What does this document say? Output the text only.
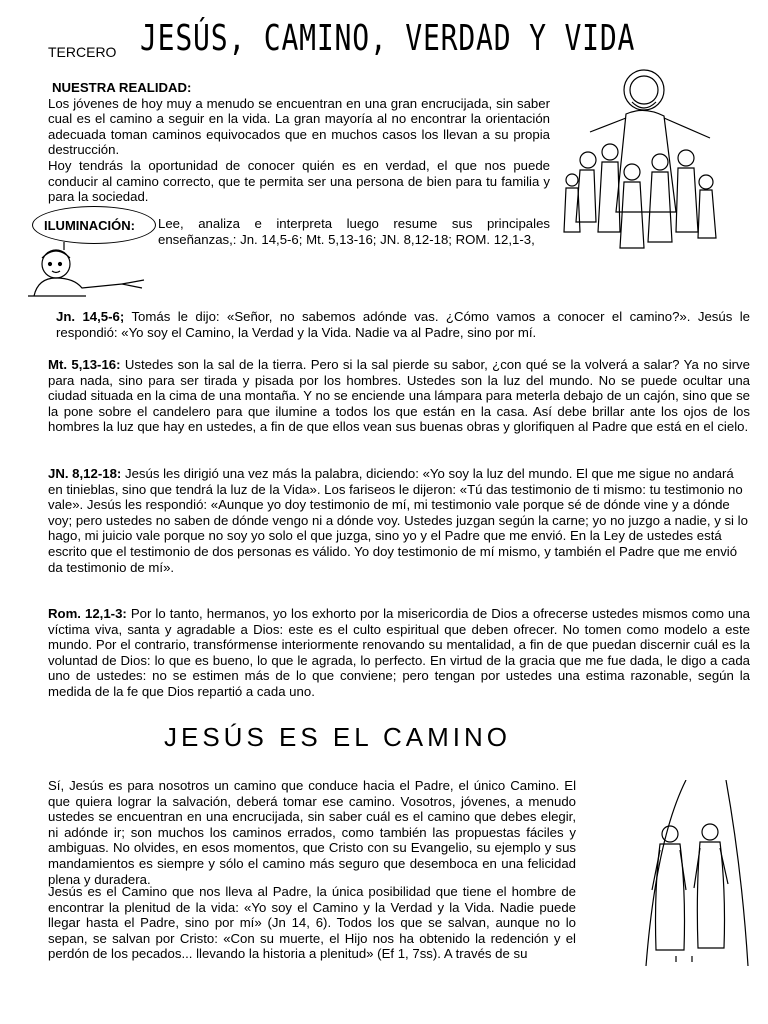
TERCERO JESÚS, CAMINO, VERDAD Y VIDA
NUESTRA REALIDAD:
Los jóvenes de hoy muy a menudo se encuentran en una gran encrucijada, sin saber cual es el camino a seguir en la vida. La gran mayoría al no encontrar la orientación adecuada toman caminos equivocados que en muchos casos los llevan a su propia destrucción.
Hoy tendrás la oportunidad de conocer quién es en verdad, el que nos puede conducir al camino correcto, que te permita ser una persona de bien para tu familia y para la sociedad.
ILUMINACIÓN: Lee, analiza e interpreta luego resume sus principales enseñanzas,: Jn. 14,5-6; Mt. 5,13-16; JN. 8,12-18; ROM. 12,1-3,
Jn. 14,5-6; Tomás le dijo: «Señor, no sabemos adónde vas. ¿Cómo vamos a conocer el camino?». Jesús le respondió: «Yo soy el Camino, la Verdad y la Vida. Nadie va al Padre, sino por mí.
Mt. 5,13-16: Ustedes son la sal de la tierra. Pero si la sal pierde su sabor, ¿con qué se la volverá a salar? Ya no sirve para nada, sino para ser tirada y pisada por los hombres. Ustedes son la luz del mundo. No se puede ocultar una ciudad situada en la cima de una montaña. Y no se enciende una lámpara para meterla debajo de un cajón, sino que se la pone sobre el candelero para que ilumine a todos los que están en la casa. Así debe brillar ante los ojos de los hombres la luz que hay en ustedes, a fin de que ellos vean sus buenas obras y glorifiquen al Padre que está en el cielo.
JN. 8,12-18: Jesús les dirigió una vez más la palabra, diciendo: «Yo soy la luz del mundo. El que me sigue no andará en tinieblas, sino que tendrá la luz de la Vida». Los fariseos le dijeron: «Tú das testimonio de ti mismo: tu testimonio no vale». Jesús les respondió: «Aunque yo doy testimonio de mí, mi testimonio vale porque sé de dónde vine y a dónde voy; pero ustedes no saben de dónde vengo ni a dónde voy. Ustedes juzgan según la carne; yo no juzgo a nadie, y si lo hago, mi juicio vale porque no soy yo solo el que juzga, sino yo y el Padre que me envió. En la Ley de ustedes está escrito que el testimonio de dos personas es válido. Yo doy testimonio de mí mismo, y también el Padre que me envió da testimonio de mí».
Rom. 12,1-3: Por lo tanto, hermanos, yo los exhorto por la misericordia de Dios a ofrecerse ustedes mismos como una víctima viva, santa y agradable a Dios: este es el culto espiritual que deben ofrecer. No tomen como modelo a este mundo. Por el contrario, transfórmense interiormente renovando su mentalidad, a fin de que puedan discernir cuál es la voluntad de Dios: lo que es bueno, lo que le agrada, lo perfecto. En virtud de la gracia que me fue dada, le digo a cada uno de ustedes: no se estimen más de lo que conviene; pero tengan por ustedes una estima razonable, según la medida de la fe que Dios repartió a cada uno.
JESÚS ES EL CAMINO
Sí, Jesús es para nosotros un camino que conduce hacia el Padre, el único Camino. El que quiera lograr la salvación, deberá tomar ese camino. Vosotros, jóvenes, a menudo ustedes se encuentran en una encrucijada, sin saber cuál es el camino que debes elegir, ni adónde ir; son muchos los caminos errados, como también las propuestas fáciles y ambiguas. No olvides, en esos momentos, que Cristo con su Evangelio, su ejemplo y sus mandamientos es siempre y sólo el camino más seguro que desemboca en una felicidad plena y duradera.
Jesús es el Camino que nos lleva al Padre, la única posibilidad que tiene el hombre de encontrar la plenitud de la vida: «Yo soy el Camino y la Verdad y la Vida. Nadie puede llegar hasta el Padre, sino por mí» (Jn 14, 6). Todos los que se salvan, aunque no lo sepan, se salvan por Cristo: «Con su muerte, el Hijo nos ha obtenido la redención y el perdón de los pecados... llevando la historia a plenitud» (Ef 1, 7ss). A través de su
